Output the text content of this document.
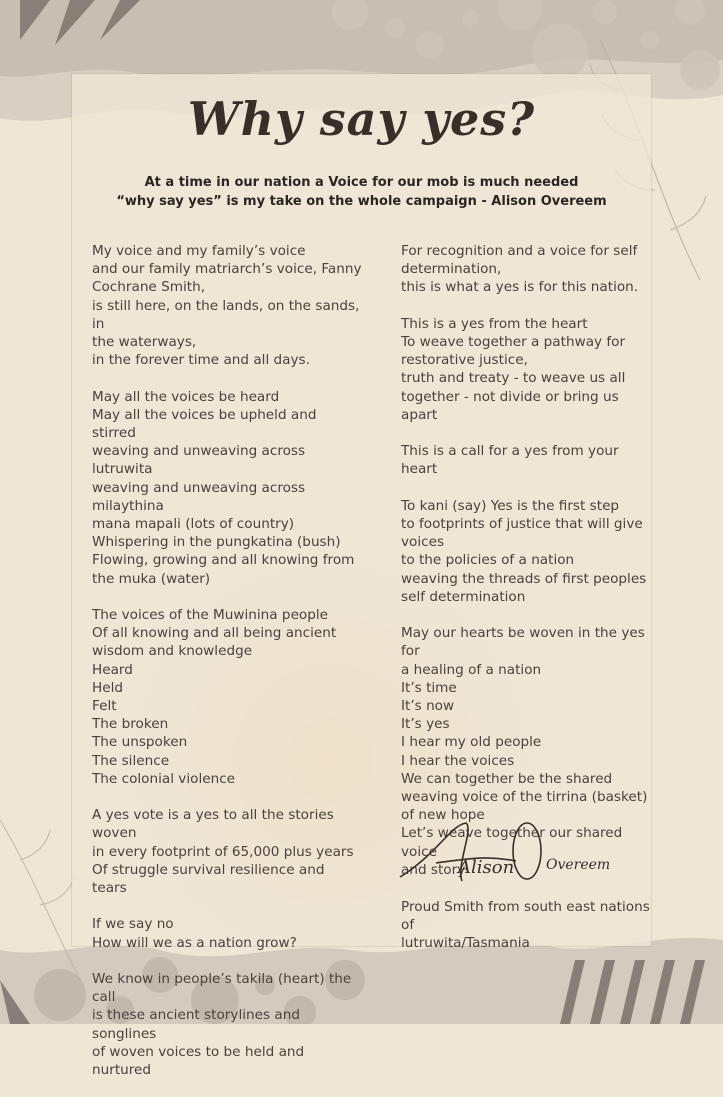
Why say yes?
At a time in our nation a Voice for our mob is much needed
“why say yes” is my take on the whole campaign - Alison Overeem

My voice and my family’s voice
and our family matriarch’s voice, Fanny
Cochrane Smith,
is still here, on the lands, on the sands, in
the waterways,
in the forever time and all days.

May all the voices be heard
May all the voices be upheld and stirred
weaving and unweaving across lutruwita
weaving and unweaving across milaythina
mana mapali (lots of country)
Whispering in the pungkatina (bush)
Flowing, growing and all knowing from
the muka (water)

The voices of the Muwinina people
Of all knowing and all being ancient
wisdom and knowledge
Heard
Held
Felt
The broken
The unspoken
The silence
The colonial violence

A yes vote is a yes to all the stories woven
in every footprint of 65,000 plus years
Of struggle survival resilience and tears

If we say no
How will we as a nation grow?

We know in people’s takila (heart) the
call
is these ancient storylines and songlines
of woven voices to be held and nurtured

For recognition and a voice for self
determination,
this is what a yes is for this nation.

This is a yes from the heart
To weave together a pathway for
restorative justice,
truth and treaty - to weave us all
together - not divide or bring us apart

This is a call for a yes from your heart

To kani (say) Yes is the first step
to footprints of justice that will give
voices
to the policies of a nation
weaving the threads of first peoples
self determination

May our hearts be woven in the yes for
a healing of a nation
It’s time
It’s now
It’s yes
I hear my old people
I hear the voices
We can together be the shared
weaving voice of the tirrina (basket)
of new hope
Let’s weave together our shared voice
and story

Alison Overeem

Proud Smith from south east nations of
lutruwita/Tasmania
